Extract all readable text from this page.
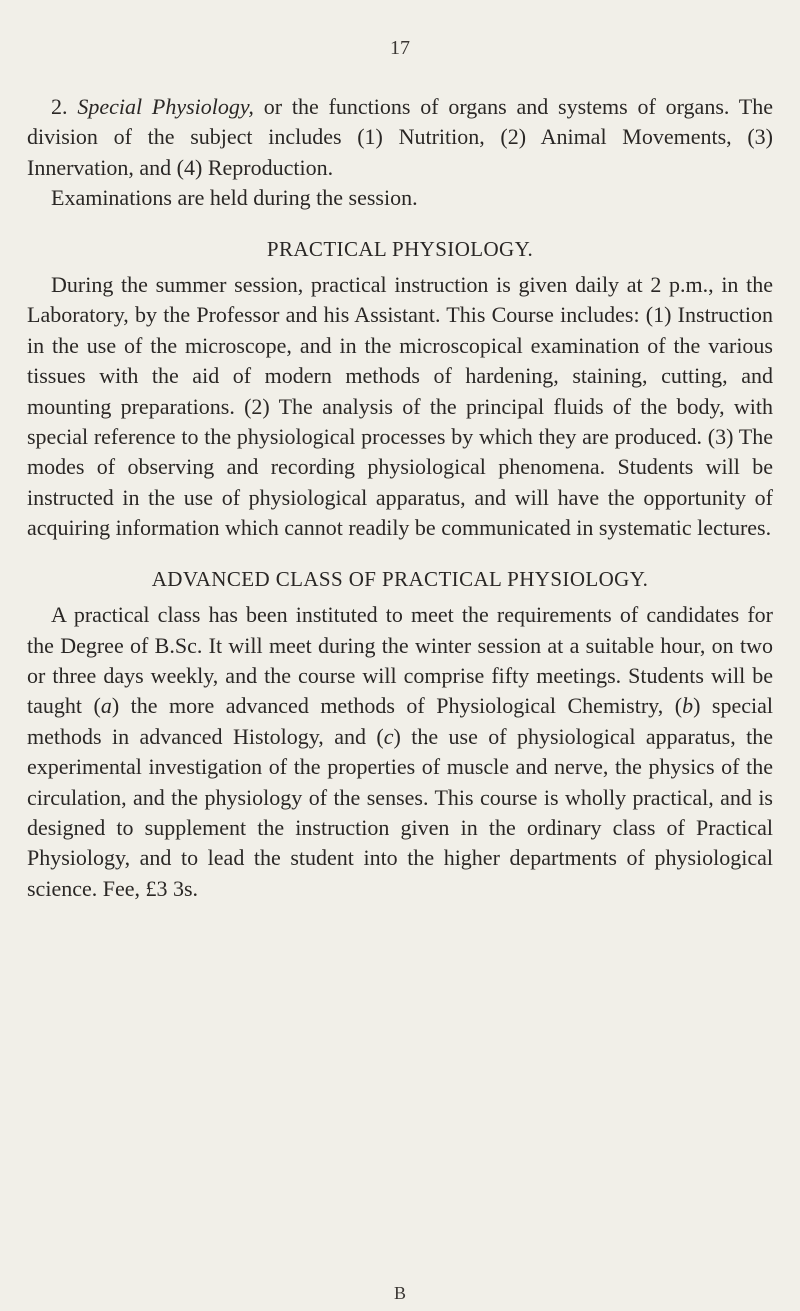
17

2. Special Physiology, or the functions of organs and systems of organs. The division of the subject includes (1) Nutrition, (2) Animal Movements, (3) Innervation, and (4) Reproduction.

Examinations are held during the session.

PRACTICAL PHYSIOLOGY.

During the summer session, practical instruction is given daily at 2 p.m., in the Laboratory, by the Professor and his Assistant. This Course includes: (1) Instruction in the use of the microscope, and in the microscopical examination of the various tissues with the aid of modern methods of hardening, staining, cutting, and mounting preparations. (2) The analysis of the principal fluids of the body, with special reference to the physiological processes by which they are produced. (3) The modes of observing and recording physiological phenomena. Students will be instructed in the use of physiological apparatus, and will have the opportunity of acquiring information which cannot readily be communicated in systematic lectures.

ADVANCED CLASS OF PRACTICAL PHYSIOLOGY.

A practical class has been instituted to meet the requirements of candidates for the Degree of B.Sc. It will meet during the winter session at a suitable hour, on two or three days weekly, and the course will comprise fifty meetings. Students will be taught (a) the more advanced methods of Physiological Chemistry, (b) special methods in advanced Histology, and (c) the use of physiological apparatus, the experimental investigation of the properties of muscle and nerve, the physics of the circulation, and the physiology of the senses. This course is wholly practical, and is designed to supplement the instruction given in the ordinary class of Practical Physiology, and to lead the student into the higher departments of physiological science. Fee, £3 3s.

B
